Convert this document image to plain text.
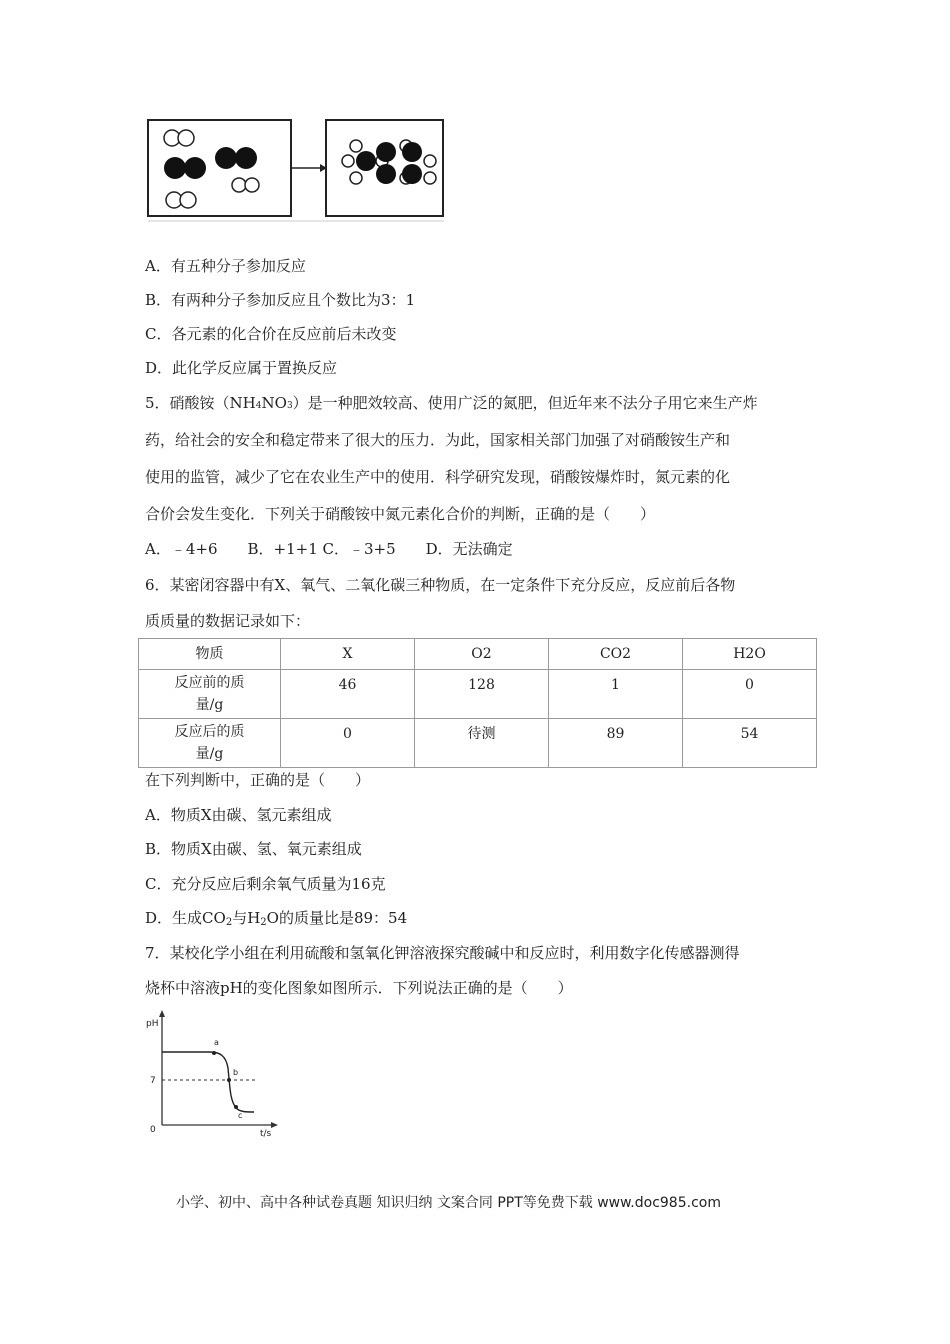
A．有五种分子参加反应
B．有两种分子参加反应且个数比为3：1
C．各元素的化合价在反应前后未改变
D．此化学反应属于置换反应
5．硝酸铵（NH4NO3）是一种肥效较高、使用广泛的氮肥，但近年来不法分子用它来生产炸
药，给社会的安全和稳定带来了很大的压力．为此，国家相关部门加强了对硝酸铵生产和
使用的监管，减少了它在农业生产中的使用．科学研究发现，硝酸铵爆炸时，氮元素的化
合价会发生变化．下列关于硝酸铵中氮元素化合价的判断，正确的是（　　）
A．﹣4+6　　B．+1+1 C．﹣3+5　　D．无法确定
6．某密闭容器中有X、氧气、二氧化碳三种物质，在一定条件下充分反应，反应前后各物
质质量的数据记录如下：
物质	X	O2	CO2	H2O
反应前的质量/g	46	128	1	0
反应后的质量/g	0	待测	89	54
在下列判断中，正确的是（　　）
A．物质X由碳、氢元素组成
B．物质X由碳、氢、氧元素组成
C．充分反应后剩余氧气质量为16克
D．生成$CO_2$与$H_2O$的质量比是89：54
7．某校化学小组在利用硫酸和氢氧化钾溶液探究酸碱中和反应时，利用数字化传感器测得
烧杯中溶液pH的变化图象如图所示．下列说法正确的是（　　）
pH
7
0	t/s
a
b
c
小学、初中、高中各种试卷真题 知识归纳 文案合同 PPT等免费下载 www.doc985.com
